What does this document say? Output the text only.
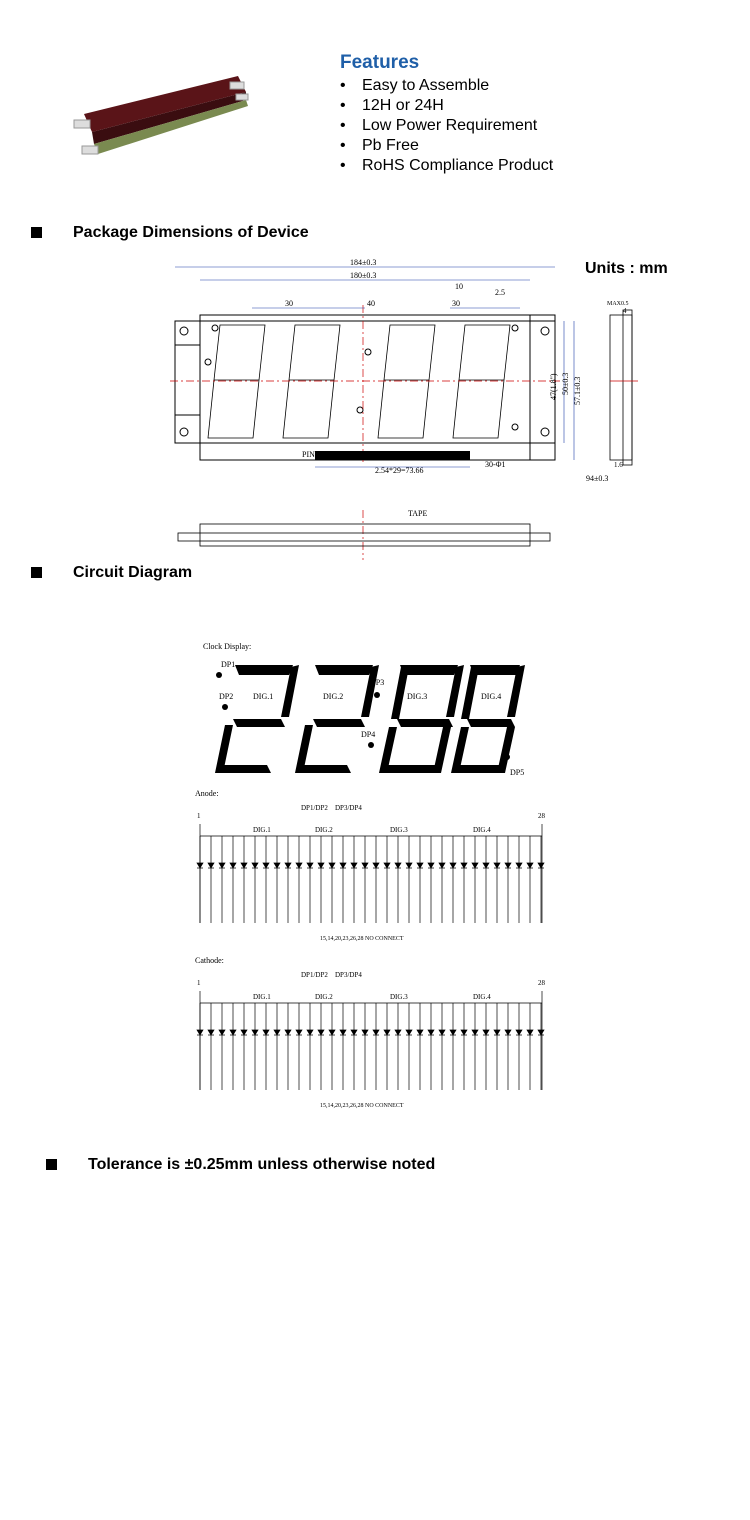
Features
• Easy to Assemble
• 12H or 24H
• Low Power Requirement
• Pb Free
• RoHS Compliance Product
Package Dimensions of Device
Units : mm
PIN1
184±0.3
180±0.3
30	40	30
10
2.5
47(1.8") 50±0.3 57.1±0.3
2.54*29=73.66
30-Φ1
MAX0.5
4
1.6
94±0.3
TAPE
Circuit Diagram
Clock Display:
DP1
DP2
DP3
DP4
DP5
DIG.1	DIG.2	DIG.3	DIG.4
Anode:
1	28
DP1/DP2 DP3/DP4
DIG.1	DIG.2	DIG.3	DIG.4
15,14,20,23,26,28 NO CONNECT
Cathode:
1	28
DP1/DP2 DP3/DP4
DIG.1	DIG.2	DIG.3	DIG.4
15,14,20,23,26,28 NO CONNECT
Tolerance is ±0.25mm unless otherwise noted
